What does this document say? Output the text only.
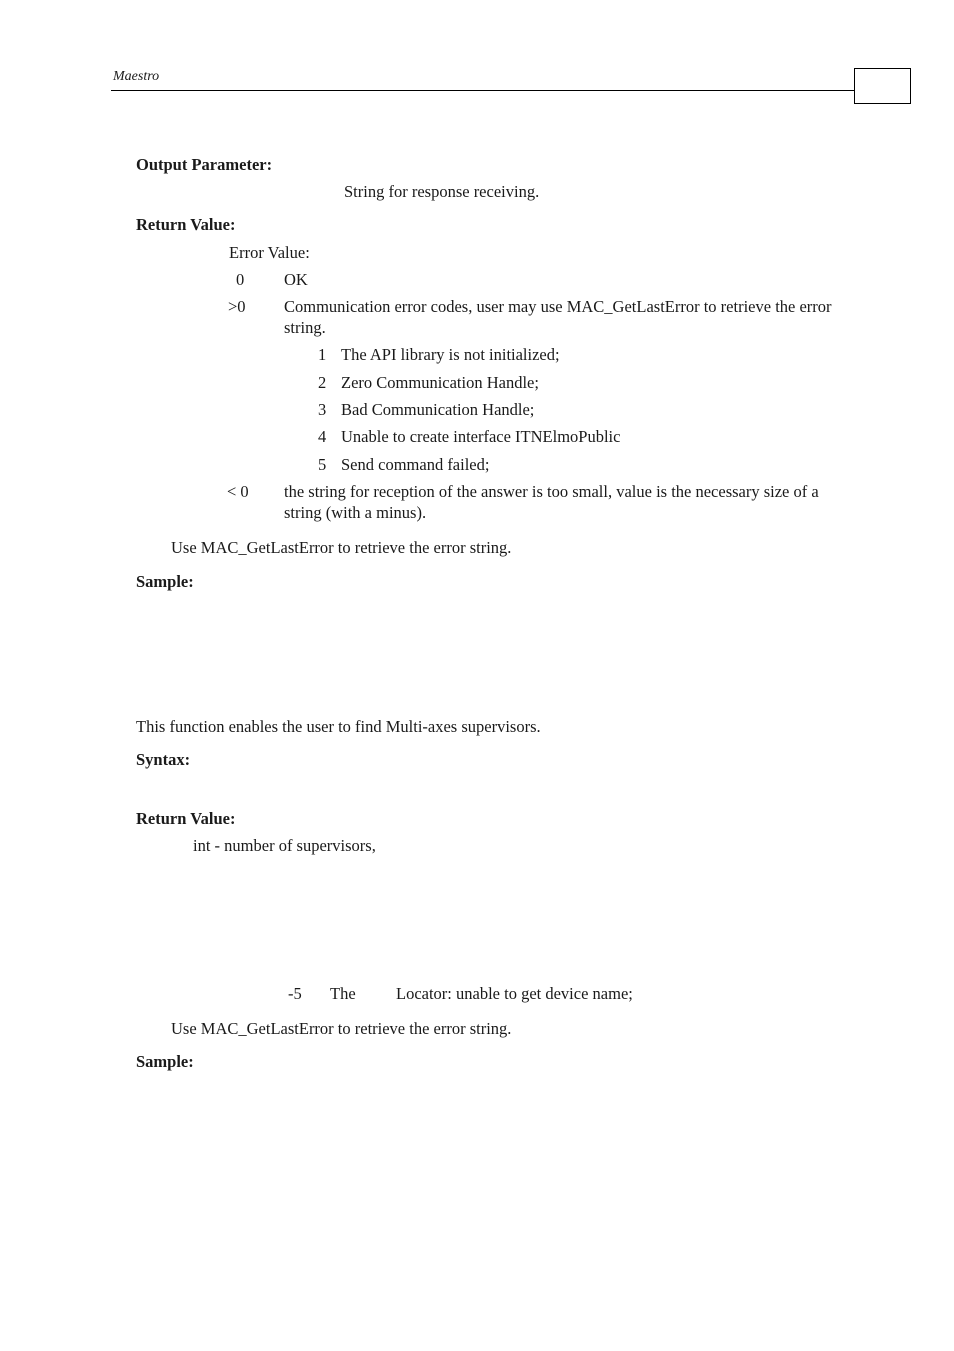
Maestro
Output Parameter:
String for response receiving.
Return Value:
Error Value:
0 OK
>0 Communication error codes, user may use MAC_GetLastError to retrieve the error string.
1 The API library is not initialized;
2 Zero Communication Handle;
3 Bad Communication Handle;
4 Unable to create interface ITNElmoPublic
5 Send command failed;
< 0 the string for reception of the answer is too small, value is the necessary size of a string (with a minus).
Use MAC_GetLastError to retrieve the error string.
Sample:
This function enables the user to find Multi-axes supervisors.
Syntax:
Return Value:
int - number of supervisors,
-5 The Locator: unable to get device name;
Use MAC_GetLastError to retrieve the error string.
Sample:
